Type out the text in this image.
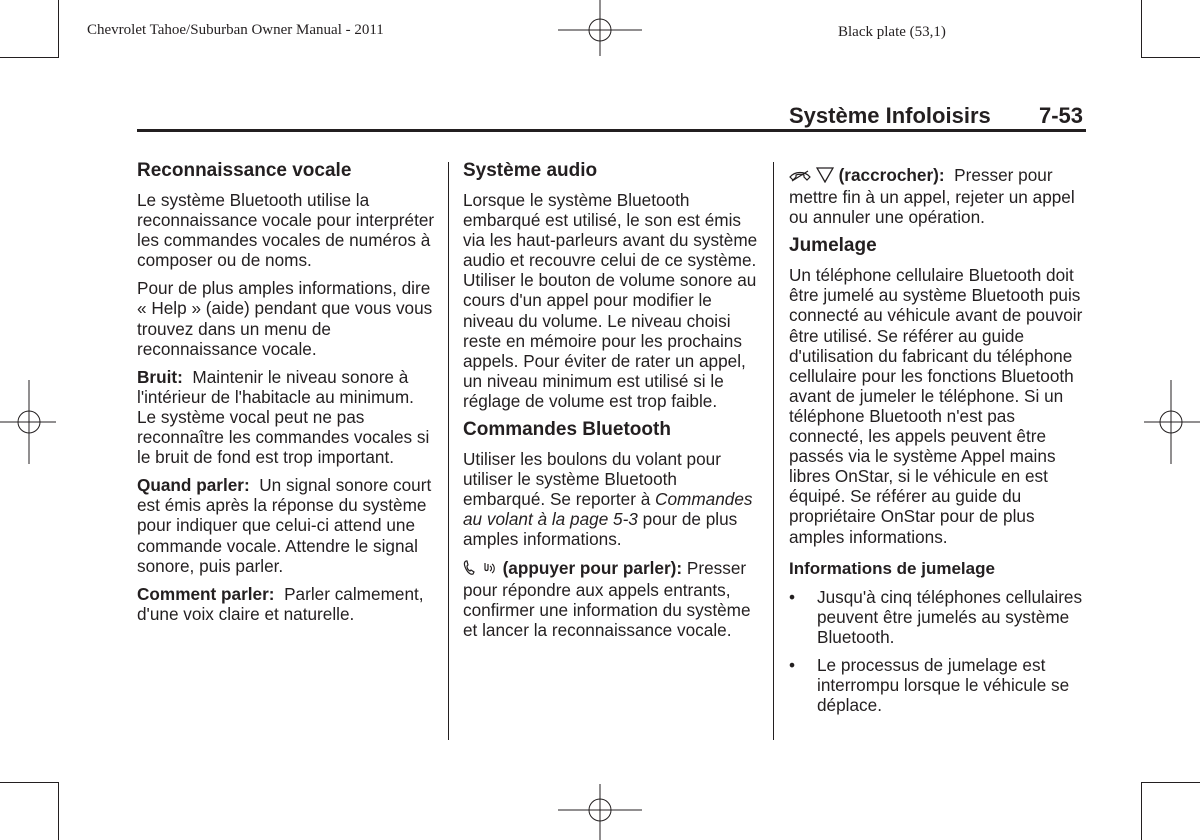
Chevrolet Tahoe/Suburban Owner Manual - 2011	Black plate (53,1)
Système Infoloisirs 7-53
Reconnaissance vocale

Le système Bluetooth utilise la reconnaissance vocale pour interpréter les commandes vocales de numéros à composer ou de noms.

Pour de plus amples informations, dire « Help » (aide) pendant que vous vous trouvez dans un menu de reconnaissance vocale.

Bruit: Maintenir le niveau sonore à l'intérieur de l'habitacle au minimum. Le système vocal peut ne pas reconnaître les commandes vocales si le bruit de fond est trop important.

Quand parler: Un signal sonore court est émis après la réponse du système pour indiquer que celui-ci attend une commande vocale. Attendre le signal sonore, puis parler.

Comment parler: Parler calmement, d'une voix claire et naturelle.

Système audio

Lorsque le système Bluetooth embarqué est utilisé, le son est émis via les haut-parleurs avant du système audio et recouvre celui de ce système. Utiliser le bouton de volume sonore au cours d'un appel pour modifier le niveau du volume. Le niveau choisi reste en mémoire pour les prochains appels. Pour éviter de rater un appel, un niveau minimum est utilisé si le réglage de volume est trop faible.

Commandes Bluetooth

Utiliser les boulons du volant pour utiliser le système Bluetooth embarqué. Se reporter à Commandes au volant à la page 5-3 pour de plus amples informations.

(appuyer pour parler): Presser pour répondre aux appels entrants, confirmer une information du système et lancer la reconnaissance vocale.

(raccrocher): Presser pour mettre fin à un appel, rejeter un appel ou annuler une opération.

Jumelage

Un téléphone cellulaire Bluetooth doit être jumelé au système Bluetooth puis connecté au véhicule avant de pouvoir être utilisé. Se référer au guide d'utilisation du fabricant du téléphone cellulaire pour les fonctions Bluetooth avant de jumeler le téléphone. Si un téléphone Bluetooth n'est pas connecté, les appels peuvent être passés via le système Appel mains libres OnStar, si le véhicule en est équipé. Se référer au guide du propriétaire OnStar pour de plus amples informations.

Informations de jumelage
• Jusqu'à cinq téléphones cellulaires peuvent être jumelés au système Bluetooth.
• Le processus de jumelage est interrompu lorsque le véhicule se déplace.
